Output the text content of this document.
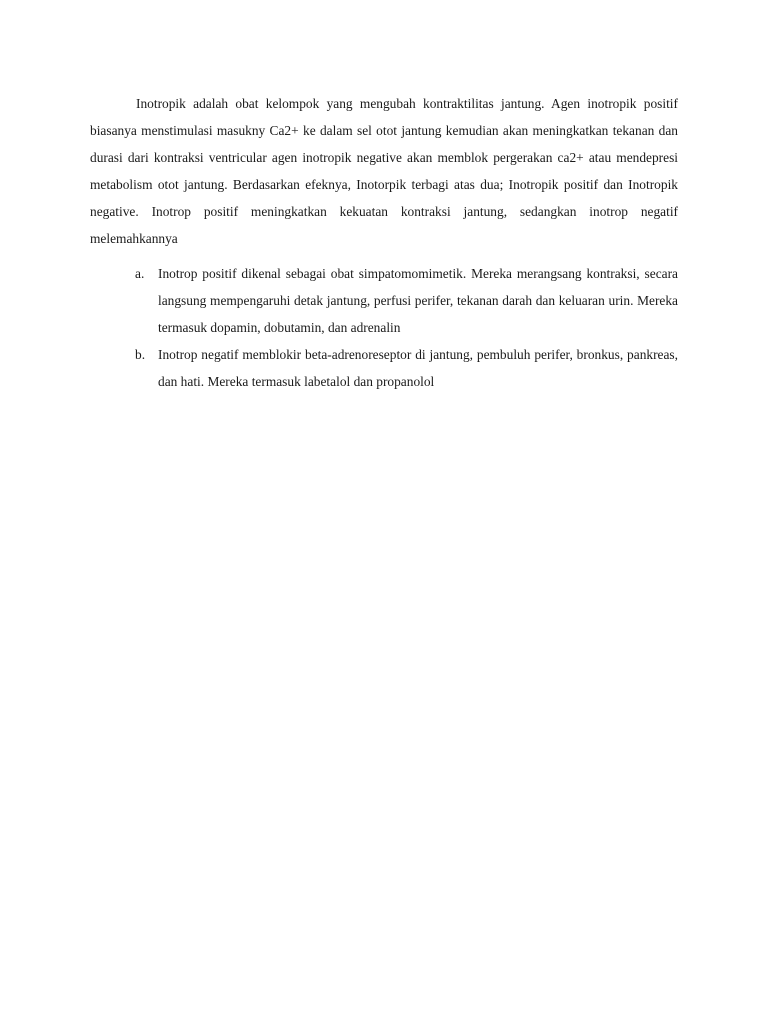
Inotropik adalah obat kelompok yang mengubah kontraktilitas jantung. Agen inotropik positif biasanya menstimulasi masukny Ca2+ ke dalam sel otot jantung kemudian akan meningkatkan tekanan dan durasi dari kontraksi ventricular agen inotropik negative akan memblok pergerakan ca2+ atau mendepresi metabolism otot jantung. Berdasarkan efeknya, Inotorpik terbagi atas dua; Inotropik positif dan Inotropik negative. Inotrop positif meningkatkan kekuatan kontraksi jantung, sedangkan inotrop negatif melemahkannya

a. Inotrop positif dikenal sebagai obat simpatomomimetik. Mereka merangsang kontraksi, secara langsung mempengaruhi detak jantung, perfusi perifer, tekanan darah dan keluaran urin. Mereka termasuk dopamin, dobutamin, dan adrenalin
b. Inotrop negatif memblokir beta-adrenoreseptor di jantung, pembuluh perifer, bronkus, pankreas, dan hati. Mereka termasuk labetalol dan propanolol
